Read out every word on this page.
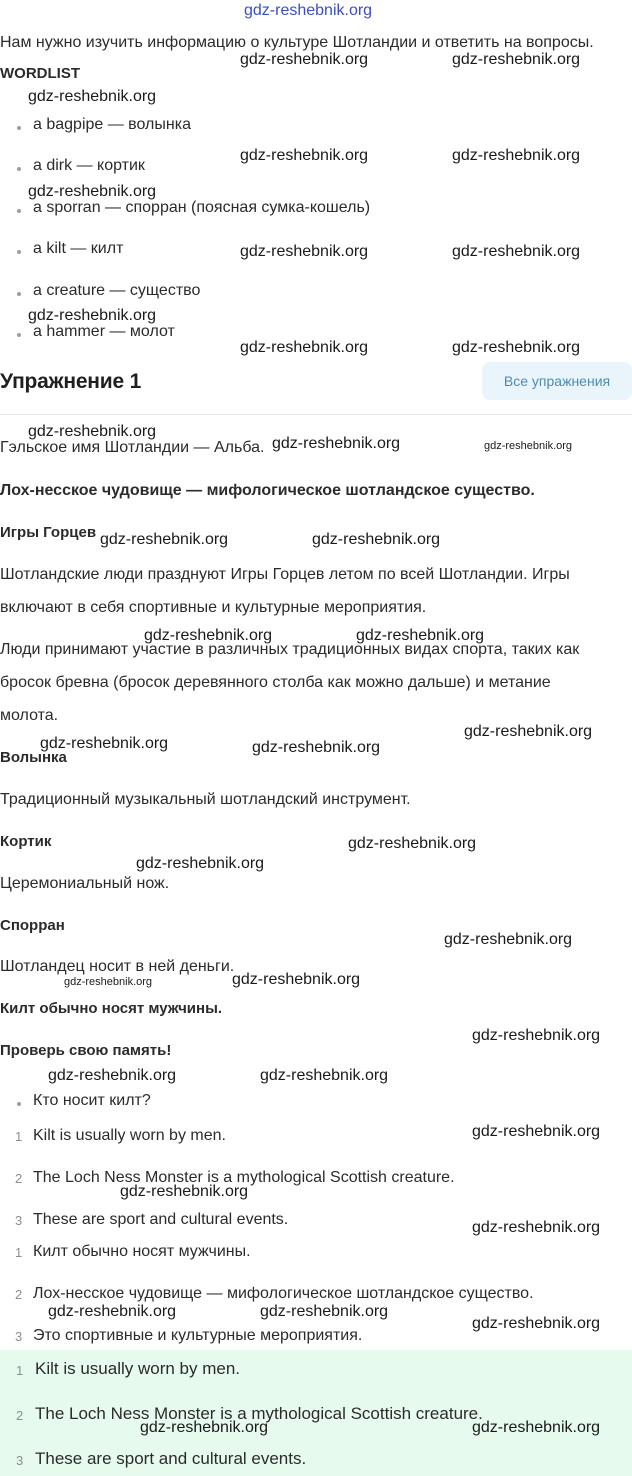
gdz-reshebnik.org
Нам нужно изучить информацию о культуре Шотландии и ответить на вопросы.
WORDLIST
a bagpipe — волынка
a dirk — кортик
a sporran — спорран (поясная сумка-кошель)
a kilt — килт
a creature — существо
a hammer — молот
Упражнение 1	Все упражнения
Гэльское имя Шотландии — Альба.
Лох-несское чудовище — мифологическое шотландское существо.
Игры Горцев
Шотландские люди празднуют Игры Горцев летом по всей Шотландии. Игры
включают в себя спортивные и культурные мероприятия.
Люди принимают участие в различных традиционных видах спорта, таких как
бросок бревна (бросок деревянного столба как можно дальше) и метание
молота.
Волынка
Традиционный музыкальный шотландский инструмент.
Кортик
Церемониальный нож.
Спорран
Шотландец носит в ней деньги.
Килт обычно носят мужчины.
Проверь свою память!
Кто носит килт?
1 Kilt is usually worn by men.
2 The Loch Ness Monster is a mythological Scottish creature.
3 These are sport and cultural events.
1 Килт обычно носят мужчины.
2 Лох-несское чудовище — мифологическое шотландское существо.
3 Это спортивные и культурные мероприятия.
1 Kilt is usually worn by men.
2 The Loch Ness Monster is a mythological Scottish creature.
3 These are sport and cultural events.
gdz-reshebnik.org	gdz-reshebnik.org
gdz-reshebnik.org
gdz-reshebnik.org	gdz-reshebnik.org
gdz-reshebnik.org
gdz-reshebnik.org	gdz-reshebnik.org
gdz-reshebnik.org
gdz-reshebnik.org	gdz-reshebnik.org
gdz-reshebnik.org
gdz-reshebnik.org	gdz-reshebnik.org
gdz-reshebnik.org	gdz-reshebnik.org
gdz-reshebnik.org	gdz-reshebnik.org
gdz-reshebnik.org
gdz-reshebnik.org	gdz-reshebnik.org
gdz-reshebnik.org
gdz-reshebnik.org
gdz-reshebnik.org
gdz-reshebnik.org
gdz-reshebnik.org
gdz-reshebnik.org
gdz-reshebnik.org	gdz-reshebnik.org
gdz-reshebnik.org
gdz-reshebnik.org
gdz-reshebnik.org
gdz-reshebnik.org	gdz-reshebnik.org
gdz-reshebnik.org
gdz-reshebnik.org	gdz-reshebnik.org
